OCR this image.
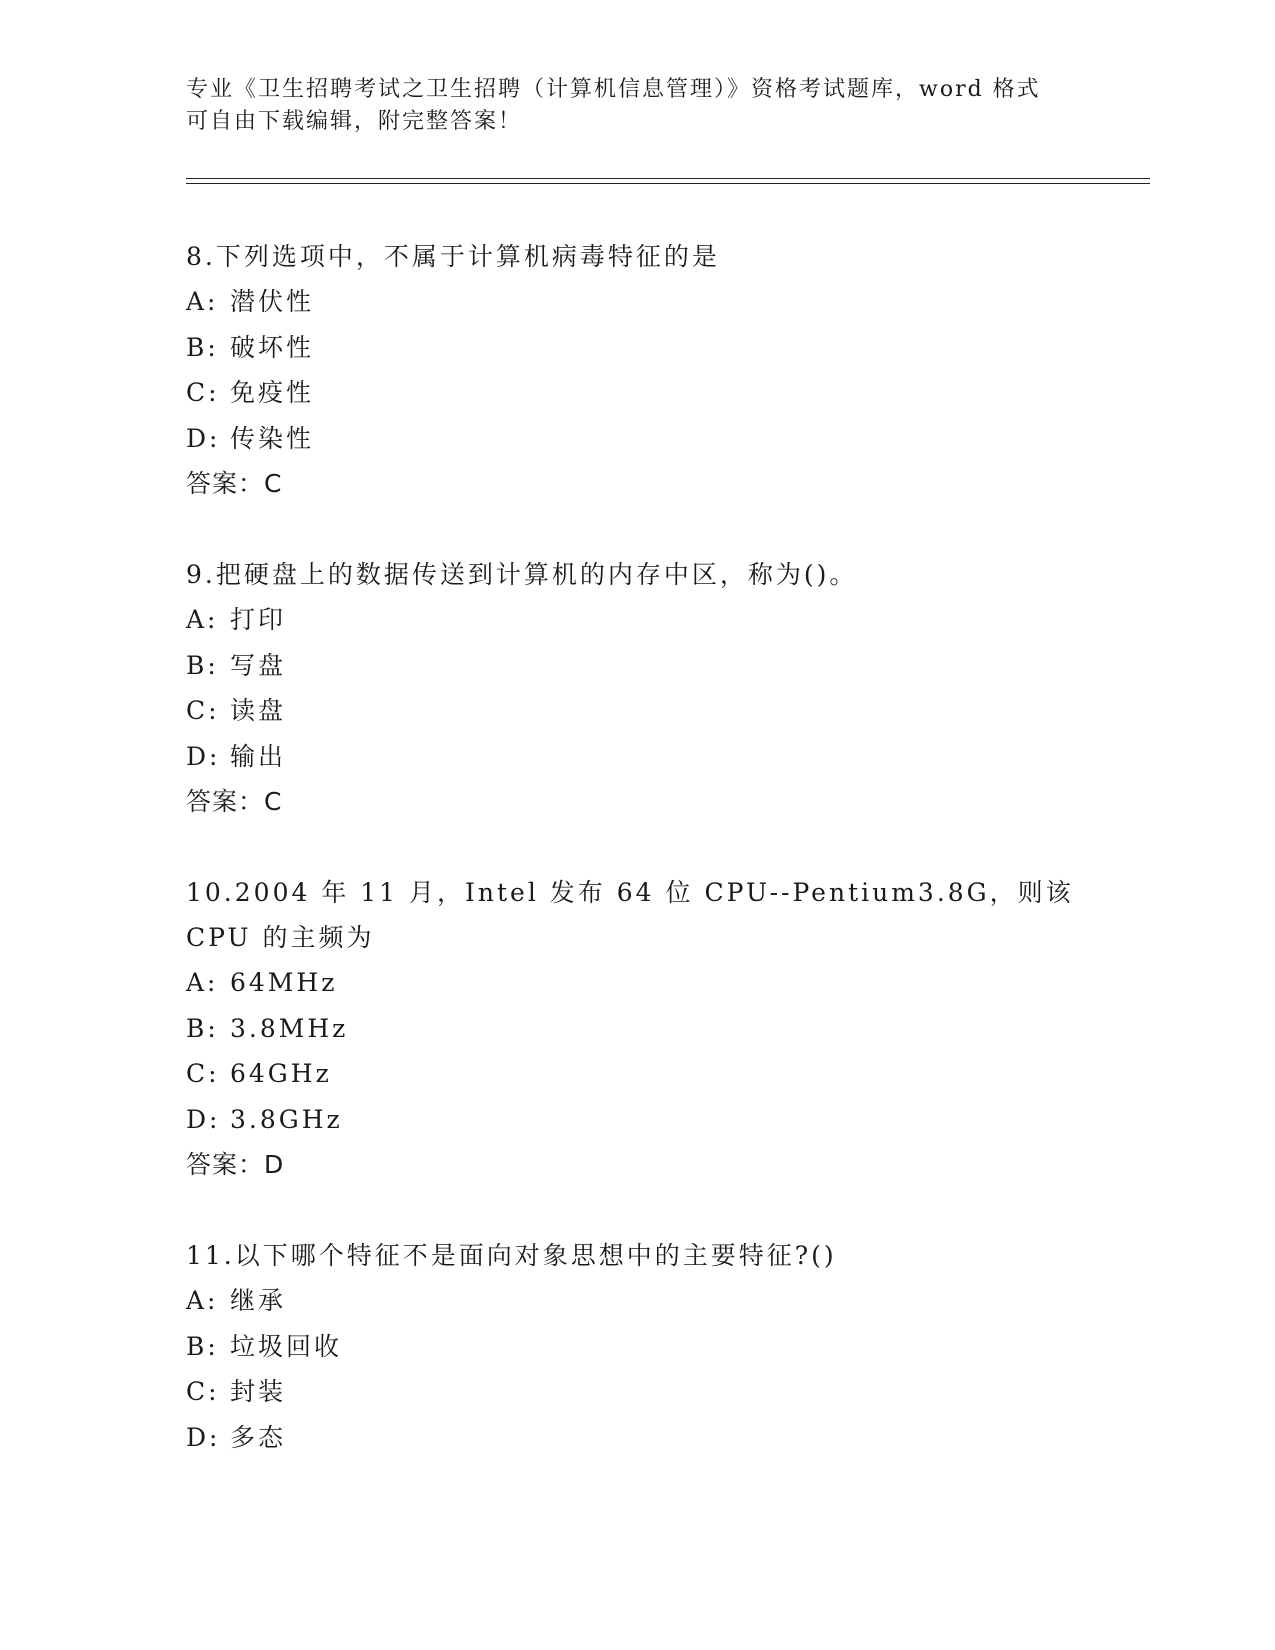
专业《卫生招聘考试之卫生招聘（计算机信息管理）》资格考试题库，word 格式
可自由下载编辑，附完整答案！

8.下列选项中，不属于计算机病毒特征的是

A: 潜伏性

B: 破坏性

C: 免疫性

D: 传染性

答案：C

9.把硬盘上的数据传送到计算机的内存中区，称为()。

A: 打印

B: 写盘

C: 读盘

D: 输出

答案：C

10.2004 年 11 月，Intel 发布 64 位 CPU--Pentium3.8G，则该 CPU 的主频为

A: 64MHz

B: 3.8MHz

C: 64GHz

D: 3.8GHz

答案：D

11.以下哪个特征不是面向对象思想中的主要特征?()

A: 继承

B: 垃圾回收

C: 封装

D: 多态
